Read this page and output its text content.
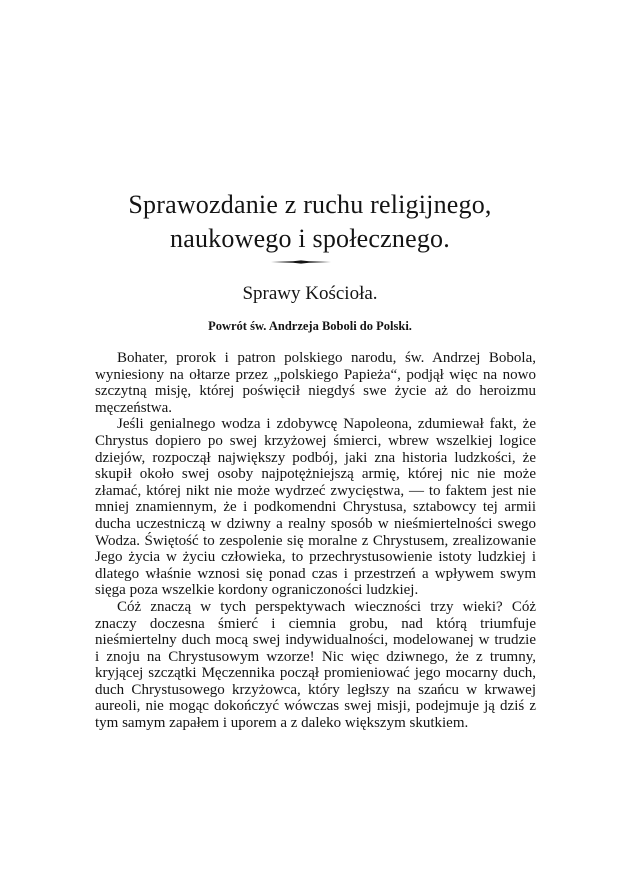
Sprawozdanie z ruchu religijnego,
naukowego i społecznego.
Sprawy Kościoła.
Powrót św. Andrzeja Boboli do Polski.

Bohater, prorok i patron polskiego narodu, św. Andrzej Bobola, wyniesiony na ołtarze przez „polskiego Papieża“, podjął więc na nowo szczytną misję, której poświęcił niegdyś swe życie aż do heroizmu męczeństwa.

Jeśli genialnego wodza i zdobywcę Napoleona, zdumiewał fakt, że Chrystus dopiero po swej krzyżowej śmierci, wbrew wszelkiej logice dziejów, rozpoczął największy podbój, jaki zna historia ludzkości, że skupił około swej osoby najpotężniejszą armię, której nic nie może złamać, której nikt nie może wydrzeć zwycięstwa, — to faktem jest nie mniej znamiennym, że i podkomendni Chrystusa, sztabowcy tej armii ducha uczestniczą w dziwny a realny sposób w nieśmiertelności swego Wodza. Świętość to zespolenie się moralne z Chrystusem, zrealizowanie Jego życia w życiu człowieka, to przechrystusowienie istoty ludzkiej i dlatego właśnie wznosi się ponad czas i przestrzeń a wpływem swym sięga poza wszelkie kordony ograniczoności ludzkiej.

Cóż znaczą w tych perspektywach wieczności trzy wieki? Cóż znaczy doczesna śmierć i ciemnia grobu, nad którą triumfuje nieśmiertelny duch mocą swej indywidualności, modelowanej w trudzie i znoju na Chrystusowym wzorze! Nic więc dziwnego, że z trumny, kryjącej szczątki Męczennika począł promieniować jego mocarny duch, duch Chrystusowego krzyżowca, który ległszy na szańcu w krwawej aureoli, nie mogąc dokończyć wówczas swej misji, podejmuje ją dziś z tym samym zapałem i uporem a z daleko większym skutkiem.
